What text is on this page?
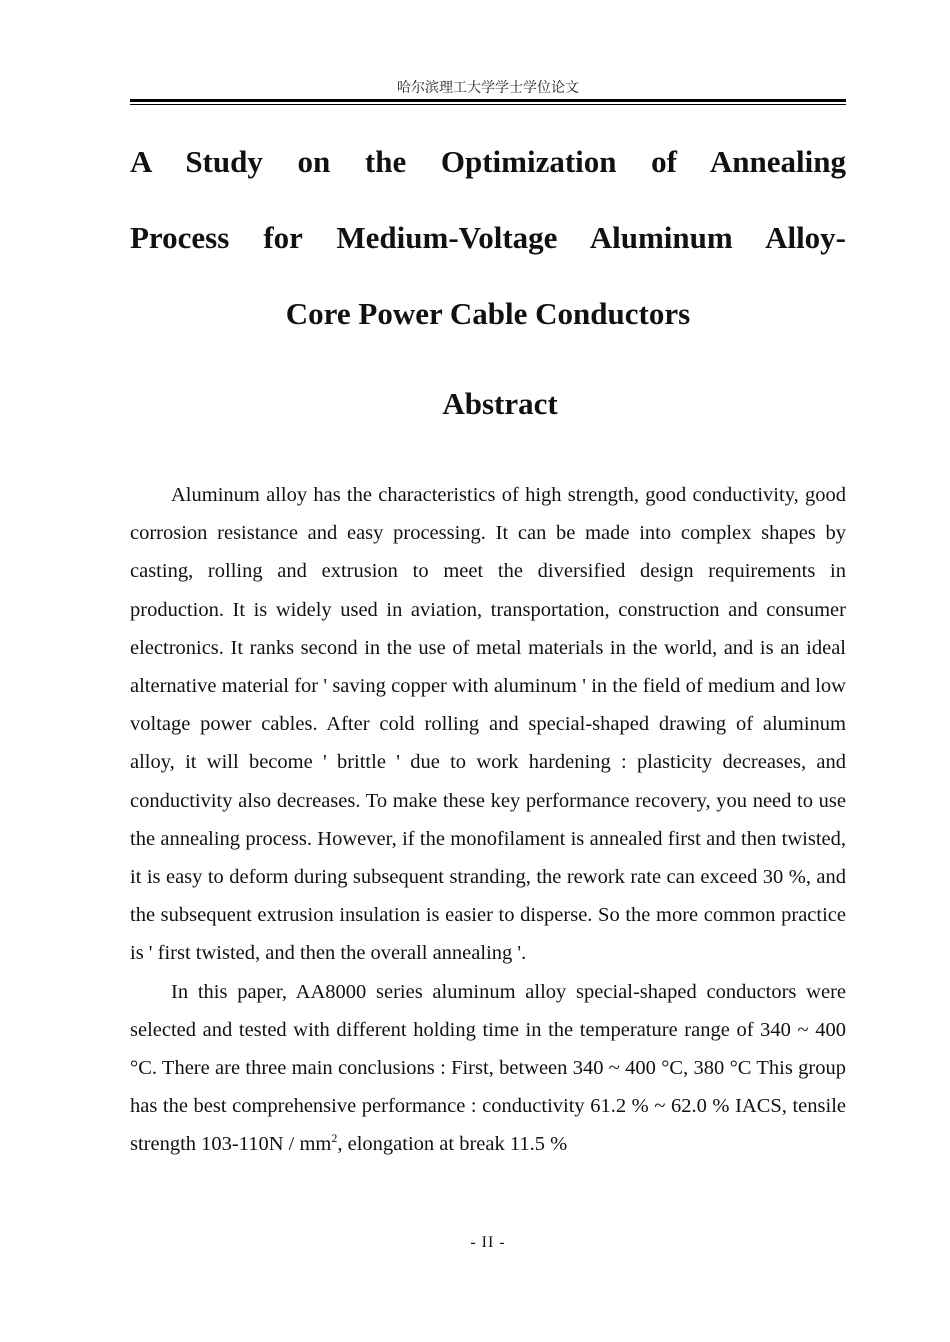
哈尔滨理工大学学士学位论文
A Study on the Optimization of Annealing
Process for Medium-Voltage Aluminum Alloy-
Core Power Cable Conductors
Abstract

Aluminum alloy has the characteristics of high strength, good conductivity, good corrosion resistance and easy processing. It can be made into complex shapes by casting, rolling and extrusion to meet the diversified design requirements in production. It is widely used in aviation, transportation, construction and consumer electronics. It ranks second in the use of metal materials in the world, and is an ideal alternative material for ' saving copper with aluminum ' in the field of medium and low voltage power cables. After cold rolling and special-shaped drawing of aluminum alloy, it will become ' brittle ' due to work hardening : plasticity decreases, and conductivity also decreases. To make these key performance recovery, you need to use the annealing process. However, if the monofilament is annealed first and then twisted, it is easy to deform during subsequent stranding, the rework rate can exceed 30 %, and the subsequent extrusion insulation is easier to disperse. So the more common practice is ' first twisted, and then the overall annealing '.

In this paper, AA8000 series aluminum alloy special-shaped conductors were selected and tested with different holding time in the temperature range of 340 ~ 400 °C. There are three main conclusions : First, between 340 ~ 400 °C, 380 °C This group has the best comprehensive performance : conductivity 61.2 % ~ 62.0 % IACS, tensile strength $103-110N / mm^2$, elongation at break 11.5 %

- II -
